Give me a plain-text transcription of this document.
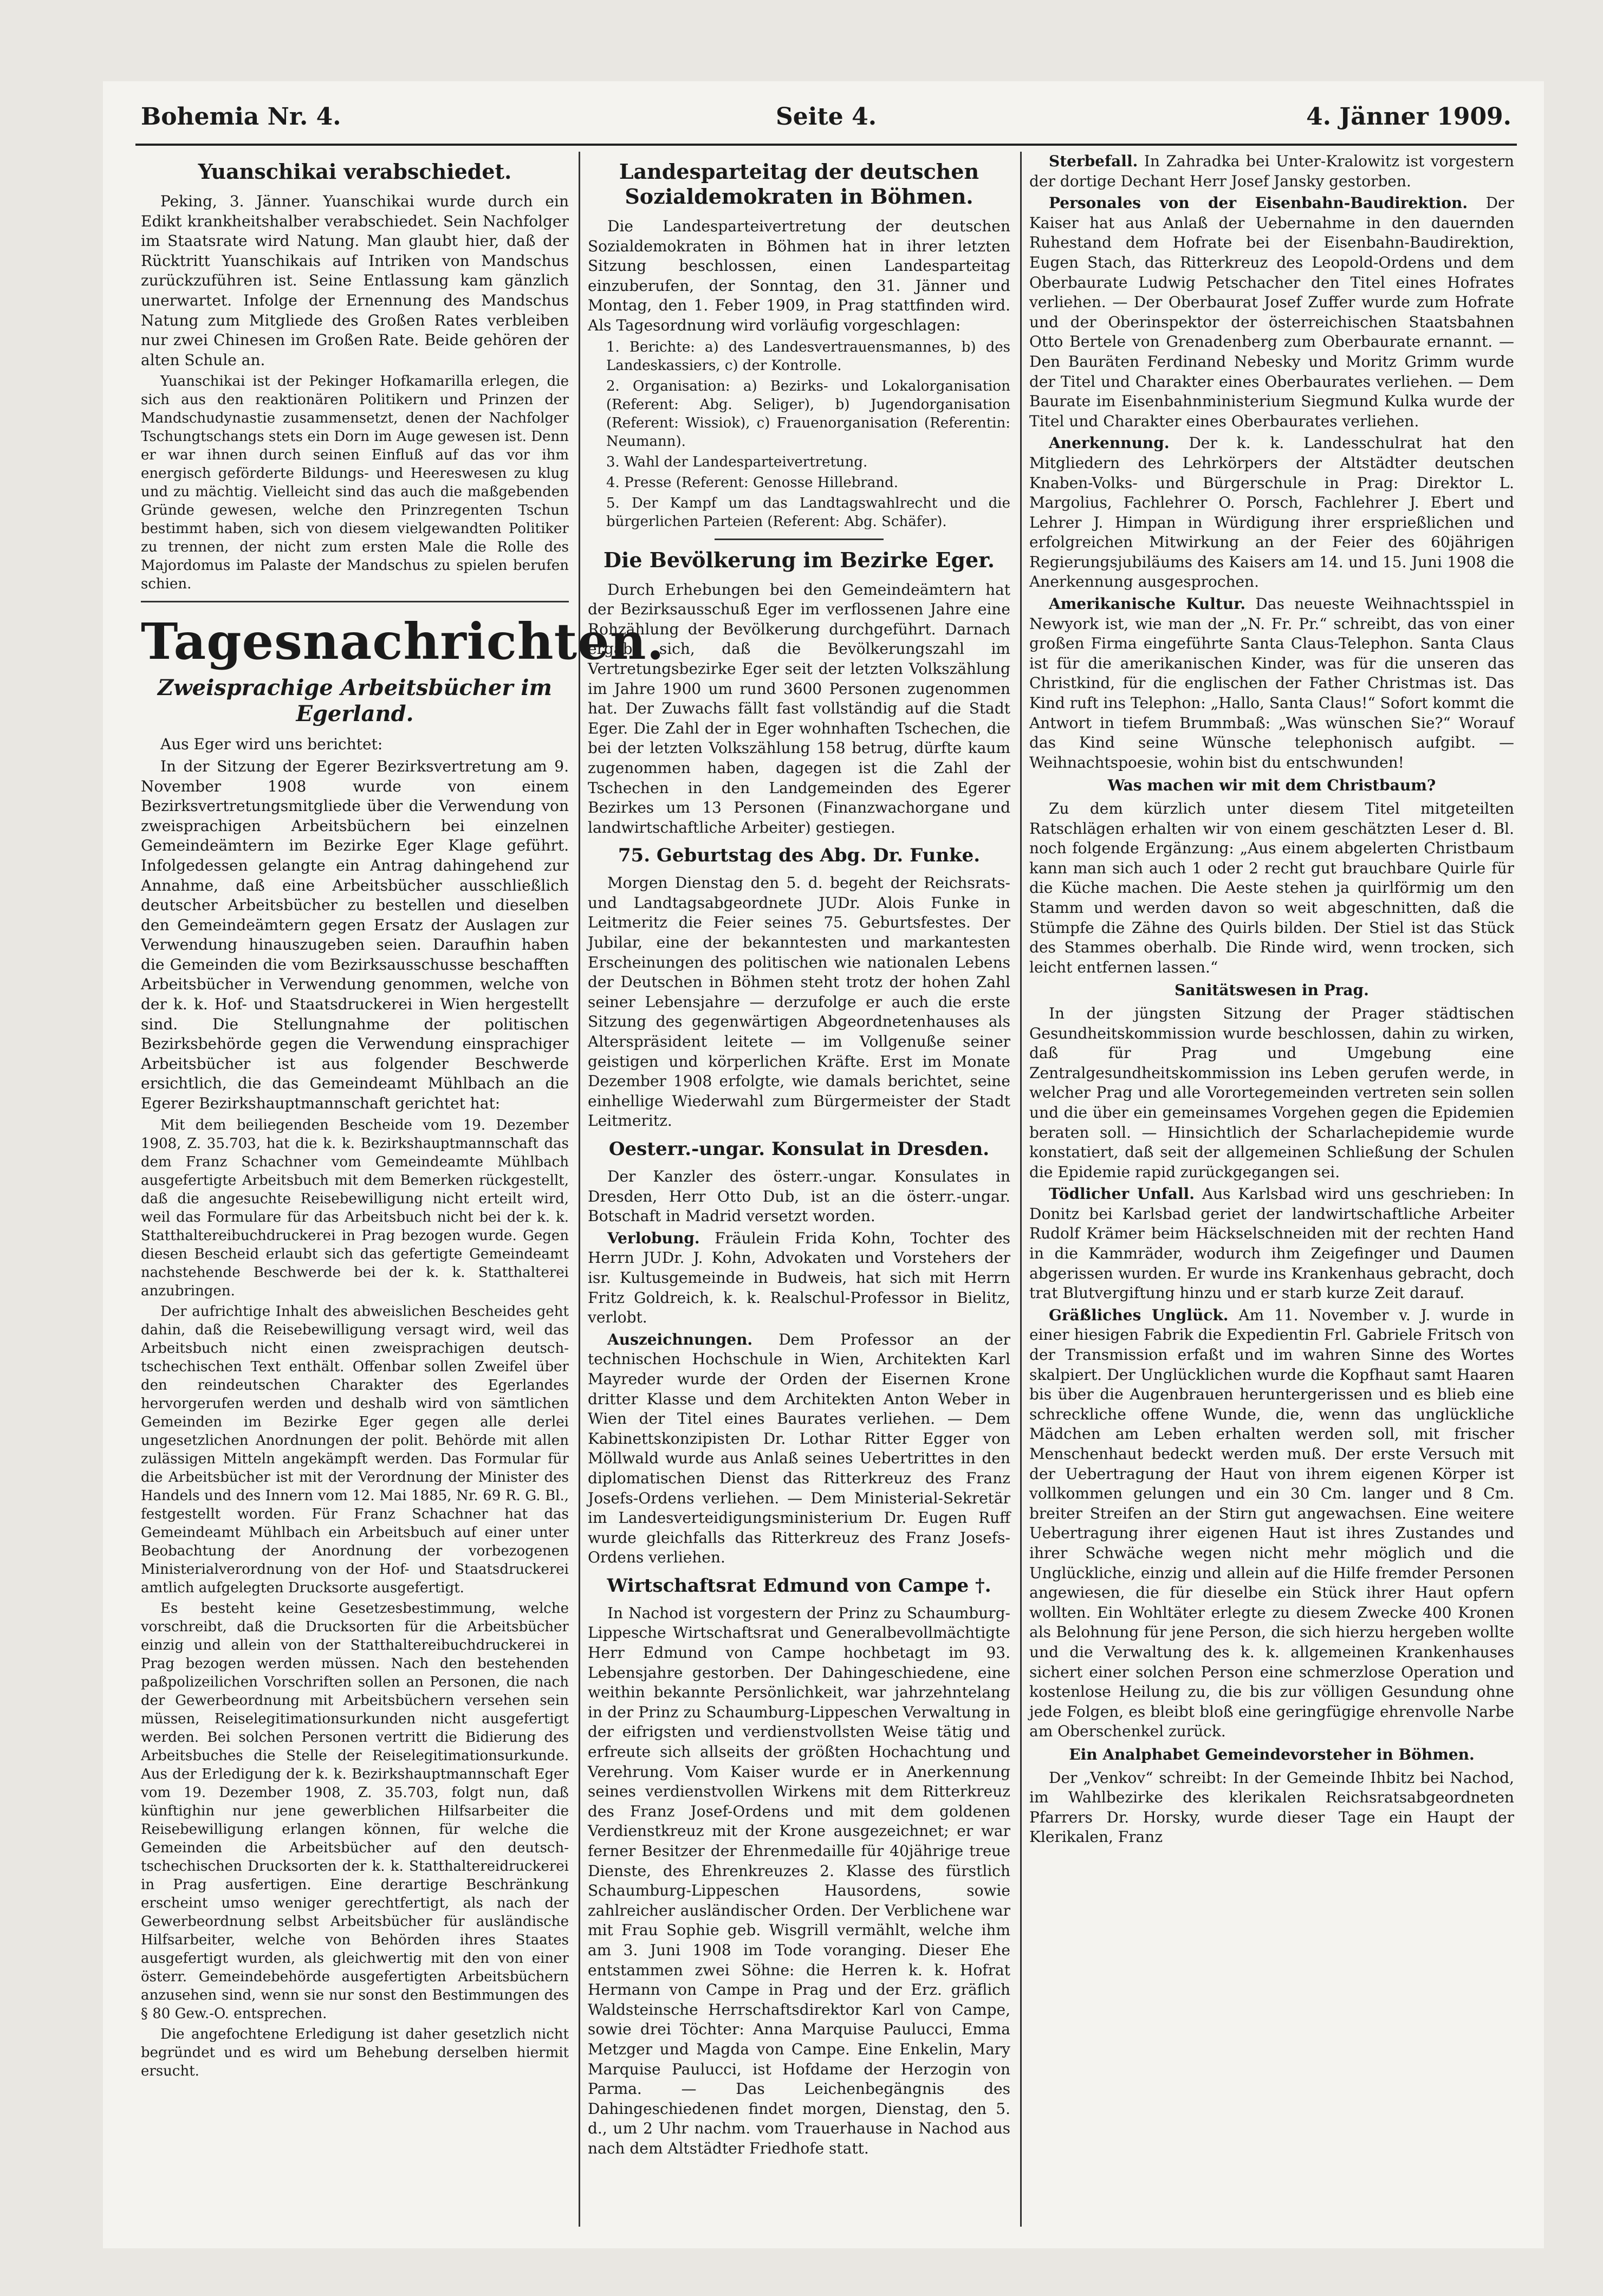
Bohemia Nr. 4.	Seite 4.	4. Jänner 1909.
Yuanschikai verabschiedet.

Peking, 3. Jänner. Yuanschikai wurde durch ein Edikt krankheitshalber verabschiedet. Sein Nachfolger im Staatsrate wird Natung. Man glaubt hier, daß der Rücktritt Yuanschikais auf Intriken von Mandschus zurückzuführen ist. Seine Entlassung kam gänzlich unerwartet. Infolge der Ernennung des Mandschus Natung zum Mitgliede des Großen Rates verbleiben nur zwei Chinesen im Großen Rate. Beide gehören der alten Schule an.

Yuanschikai ist der Pekinger Hofkamarilla erlegen, die sich aus den reaktionären Politikern und Prinzen der Mandschudynastie zusammensetzt, denen der Nachfolger Tschungtschangs stets ein Dorn im Auge gewesen ist. Denn er war ihnen durch seinen Einfluß auf das vor ihm energisch geförderte Bildungs- und Heereswesen zu klug und zu mächtig. Vielleicht sind das auch die maßgebenden Gründe gewesen, welche den Prinzregenten Tschun bestimmt haben, sich von diesem vielgewandten Politiker zu trennen, der nicht zum ersten Male die Rolle des Majordomus im Palaste der Mandschus zu spielen berufen schien.

Tagesnachrichten.
Zweisprachige Arbeitsbücher im Egerland.

Aus Eger wird uns berichtet:

In der Sitzung der Egerer Bezirksvertretung am 9. November 1908 wurde von einem Bezirksvertretungsmitgliede über die Verwendung von zweisprachigen Arbeitsbüchern bei einzelnen Gemeindeämtern im Bezirke Eger Klage geführt. Infolgedessen gelangte ein Antrag dahingehend zur Annahme, daß eine Arbeitsbücher ausschließlich deutscher Arbeitsbücher zu bestellen und dieselben den Gemeindeämtern gegen Ersatz der Auslagen zur Verwendung hinauszugeben seien. Daraufhin haben die Gemeinden die vom Bezirksausschusse beschafften Arbeitsbücher in Verwendung genommen, welche von der k. k. Hof- und Staatsdruckerei in Wien hergestellt sind. Die Stellungnahme der politischen Bezirksbehörde gegen die Verwendung einsprachiger Arbeitsbücher ist aus folgender Beschwerde ersichtlich, die das Gemeindeamt Mühlbach an die Egerer Bezirkshauptmannschaft gerichtet hat:

Mit dem beiliegenden Bescheide vom 19. Dezember 1908, Z. 35.703, hat die k. k. Bezirkshauptmannschaft das dem Franz Schachner vom Gemeindeamte Mühlbach ausgefertigte Arbeitsbuch mit dem Bemerken rückgestellt, daß die angesuchte Reisebewilligung nicht erteilt wird, weil das Formulare für das Arbeitsbuch nicht bei der k. k. Statthaltereibuchdruckerei in Prag bezogen wurde. Gegen diesen Bescheid erlaubt sich das gefertigte Gemeindeamt nachstehende Beschwerde bei der k. k. Statthalterei anzubringen.

Der aufrichtige Inhalt des abweislichen Bescheides geht dahin, daß die Reisebewilligung versagt wird, weil das Arbeitsbuch nicht einen zweisprachigen deutsch-tschechischen Text enthält. Offenbar sollen Zweifel über den reindeutschen Charakter des Egerlandes hervorgerufen werden und deshalb wird von sämtlichen Gemeinden im Bezirke Eger gegen alle derlei ungesetzlichen Anordnungen der polit. Behörde mit allen zulässigen Mitteln angekämpft werden. Das Formular für die Arbeitsbücher ist mit der Verordnung der Minister des Handels und des Innern vom 12. Mai 1885, Nr. 69 R. G. Bl., festgestellt worden. Für Franz Schachner hat das Gemeindeamt Mühlbach ein Arbeitsbuch auf einer unter Beobachtung der Anordnung der vorbezogenen Ministerialverordnung von der Hof- und Staatsdruckerei amtlich aufgelegten Drucksorte ausgefertigt.

Es besteht keine Gesetzesbestimmung, welche vorschreibt, daß die Drucksorten für die Arbeitsbücher einzig und allein von der Statthaltereibuchdruckerei in Prag bezogen werden müssen. Nach den bestehenden paßpolizeilichen Vorschriften sollen an Personen, die nach der Gewerbeordnung mit Arbeitsbüchern versehen sein müssen, Reiselegitimationsurkunden nicht ausgefertigt werden. Bei solchen Personen vertritt die Bidierung des Arbeitsbuches die Stelle der Reiselegitimationsurkunde. Aus der Erledigung der k. k. Bezirkshauptmannschaft Eger vom 19. Dezember 1908, Z. 35.703, folgt nun, daß künftighin nur jene gewerblichen Hilfsarbeiter die Reisebewilligung erlangen können, für welche die Gemeinden die Arbeitsbücher auf den deutsch-tschechischen Drucksorten der k. k. Statthaltereidruckerei in Prag ausfertigen. Eine derartige Beschränkung erscheint umso weniger gerechtfertigt, als nach der Gewerbeordnung selbst Arbeitsbücher für ausländische Hilfsarbeiter, welche von Behörden ihres Staates ausgefertigt wurden, als gleichwertig mit den von einer österr. Gemeindebehörde ausgefertigten Arbeitsbüchern anzusehen sind, wenn sie nur sonst den Bestimmungen des § 80 Gew.-O. entsprechen.

Die angefochtene Erledigung ist daher gesetzlich nicht begründet und es wird um Behebung derselben hiermit ersucht.

Landesparteitag der deutschen Sozialdemokraten in Böhmen.

Die Landesparteivertretung der deutschen Sozialdemokraten in Böhmen hat in ihrer letzten Sitzung beschlossen, einen Landesparteitag einzuberufen, der Sonntag, den 31. Jänner und Montag, den 1. Feber 1909, in Prag stattfinden wird. Als Tagesordnung wird vorläufig vorgeschlagen:

1. Berichte: a) des Landesvertrauensmannes, b) des Landeskassiers, c) der Kontrolle.

2. Organisation: a) Bezirks- und Lokalorganisation (Referent: Abg. Seliger), b) Jugendorganisation (Referent: Wissiok), c) Frauenorganisation (Referentin: Neumann).

3. Wahl der Landesparteivertretung.

4. Presse (Referent: Genosse Hillebrand.

5. Der Kampf um das Landtagswahlrecht und die bürgerlichen Parteien (Referent: Abg. Schäfer).

Die Bevölkerung im Bezirke Eger.

Durch Erhebungen bei den Gemeindeämtern hat der Bezirksausschuß Eger im verflossenen Jahre eine Rohzählung der Bevölkerung durchgeführt. Darnach ergab sich, daß die Bevölkerungszahl im Vertretungsbezirke Eger seit der letzten Volkszählung im Jahre 1900 um rund 3600 Personen zugenommen hat. Der Zuwachs fällt fast vollständig auf die Stadt Eger. Die Zahl der in Eger wohnhaften Tschechen, die bei der letzten Volkszählung 158 betrug, dürfte kaum zugenommen haben, dagegen ist die Zahl der Tschechen in den Landgemeinden des Egerer Bezirkes um 13 Personen (Finanzwachorgane und landwirtschaftliche Arbeiter) gestiegen.

75. Geburtstag des Abg. Dr. Funke.

Morgen Dienstag den 5. d. begeht der Reichsrats- und Landtagsabgeordnete JUDr. Alois Funke in Leitmeritz die Feier seines 75. Geburtsfestes. Der Jubilar, eine der bekanntesten und markantesten Erscheinungen des politischen wie nationalen Lebens der Deutschen in Böhmen steht trotz der hohen Zahl seiner Lebensjahre — derzufolge er auch die erste Sitzung des gegenwärtigen Abgeordnetenhauses als Alterspräsident leitete — im Vollgenuße seiner geistigen und körperlichen Kräfte. Erst im Monate Dezember 1908 erfolgte, wie damals berichtet, seine einhellige Wiederwahl zum Bürgermeister der Stadt Leitmeritz.

Oesterr.-ungar. Konsulat in Dresden.

Der Kanzler des österr.-ungar. Konsulates in Dresden, Herr Otto Dub, ist an die österr.-ungar. Botschaft in Madrid versetzt worden.

Verlobung. Fräulein Frida Kohn, Tochter des Herrn JUDr. J. Kohn, Advokaten und Vorstehers der isr. Kultusgemeinde in Budweis, hat sich mit Herrn Fritz Goldreich, k. k. Realschul-Professor in Bielitz, verlobt.

Auszeichnungen. Dem Professor an der technischen Hochschule in Wien, Architekten Karl Mayreder wurde der Orden der Eisernen Krone dritter Klasse und dem Architekten Anton Weber in Wien der Titel eines Baurates verliehen. — Dem Kabinettskonzipisten Dr. Lothar Ritter Egger von Möllwald wurde aus Anlaß seines Uebertrittes in den diplomatischen Dienst das Ritterkreuz des Franz Josefs-Ordens verliehen. — Dem Ministerial-Sekretär im Landesverteidigungsministerium Dr. Eugen Ruff wurde gleichfalls das Ritterkreuz des Franz Josefs-Ordens verliehen.

Wirtschaftsrat Edmund von Campe †.

In Nachod ist vorgestern der Prinz zu Schaumburg-Lippesche Wirtschaftsrat und Generalbevollmächtigte Herr Edmund von Campe hochbetagt im 93. Lebensjahre gestorben. Der Dahingeschiedene, eine weithin bekannte Persönlichkeit, war jahrzehntelang in der Prinz zu Schaumburg-Lippeschen Verwaltung in der eifrigsten und verdienstvollsten Weise tätig und erfreute sich allseits der größten Hochachtung und Verehrung. Vom Kaiser wurde er in Anerkennung seines verdienstvollen Wirkens mit dem Ritterkreuz des Franz Josef-Ordens und mit dem goldenen Verdienstkreuz mit der Krone ausgezeichnet; er war ferner Besitzer der Ehrenmedaille für 40jährige treue Dienste, des Ehrenkreuzes 2. Klasse des fürstlich Schaumburg-Lippeschen Hausordens, sowie zahlreicher ausländischer Orden. Der Verblichene war mit Frau Sophie geb. Wisgrill vermählt, welche ihm am 3. Juni 1908 im Tode voranging. Dieser Ehe entstammen zwei Söhne: die Herren k. k. Hofrat Hermann von Campe in Prag und der Erz. gräflich Waldsteinsche Herrschaftsdirektor Karl von Campe, sowie drei Töchter: Anna Marquise Paulucci, Emma Metzger und Magda von Campe. Eine Enkelin, Mary Marquise Paulucci, ist Hofdame der Herzogin von Parma. — Das Leichenbegängnis des Dahingeschiedenen findet morgen, Dienstag, den 5. d., um 2 Uhr nachm. vom Trauerhause in Nachod aus nach dem Altstädter Friedhofe statt.

Sterbefall. In Zahradka bei Unter-Kralowitz ist vorgestern der dortige Dechant Herr Josef Jansky gestorben.

Personales von der Eisenbahn-Baudirektion. Der Kaiser hat aus Anlaß der Uebernahme in den dauernden Ruhestand dem Hofrate bei der Eisenbahn-Baudirektion, Eugen Stach, das Ritterkreuz des Leopold-Ordens und dem Oberbaurate Ludwig Petschacher den Titel eines Hofrates verliehen. — Der Oberbaurat Josef Zuffer wurde zum Hofrate und der Oberinspektor der österreichischen Staatsbahnen Otto Bertele von Grenadenberg zum Oberbaurate ernannt. — Den Bauräten Ferdinand Nebesky und Moritz Grimm wurde der Titel und Charakter eines Oberbaurates verliehen. — Dem Baurate im Eisenbahnministerium Siegmund Kulka wurde der Titel und Charakter eines Oberbaurates verliehen.

Anerkennung. Der k. k. Landesschulrat hat den Mitgliedern des Lehrkörpers der Altstädter deutschen Knaben-Volks- und Bürgerschule in Prag: Direktor L. Margolius, Fachlehrer O. Porsch, Fachlehrer J. Ebert und Lehrer J. Himpan in Würdigung ihrer ersprießlichen und erfolgreichen Mitwirkung an der Feier des 60jährigen Regierungsjubiläums des Kaisers am 14. und 15. Juni 1908 die Anerkennung ausgesprochen.

Amerikanische Kultur. Das neueste Weihnachtsspiel in Newyork ist, wie man der „N. Fr. Pr.“ schreibt, das von einer großen Firma eingeführte Santa Claus-Telephon. Santa Claus ist für die amerikanischen Kinder, was für die unseren das Christkind, für die englischen der Father Christmas ist. Das Kind ruft ins Telephon: „Hallo, Santa Claus!“ Sofort kommt die Antwort in tiefem Brummbaß: „Was wünschen Sie?“ Worauf das Kind seine Wünsche telephonisch aufgibt. — Weihnachtspoesie, wohin bist du entschwunden!

Was machen wir mit dem Christbaum?

Zu dem kürzlich unter diesem Titel mitgeteilten Ratschlägen erhalten wir von einem geschätzten Leser d. Bl. noch folgende Ergänzung: „Aus einem abgelerten Christbaum kann man sich auch 1 oder 2 recht gut brauchbare Quirle für die Küche machen. Die Aeste stehen ja quirlförmig um den Stamm und werden davon so weit abgeschnitten, daß die Stümpfe die Zähne des Quirls bilden. Der Stiel ist das Stück des Stammes oberhalb. Die Rinde wird, wenn trocken, sich leicht entfernen lassen.“

Sanitätswesen in Prag.

In der jüngsten Sitzung der Prager städtischen Gesundheitskommission wurde beschlossen, dahin zu wirken, daß für Prag und Umgebung eine Zentralgesundheitskommission ins Leben gerufen werde, in welcher Prag und alle Vorortegemeinden vertreten sein sollen und die über ein gemeinsames Vorgehen gegen die Epidemien beraten soll. — Hinsichtlich der Scharlachepidemie wurde konstatiert, daß seit der allgemeinen Schließung der Schulen die Epidemie rapid zurückgegangen sei.

Tödlicher Unfall. Aus Karlsbad wird uns geschrieben: In Donitz bei Karlsbad geriet der landwirtschaftliche Arbeiter Rudolf Krämer beim Häckselschneiden mit der rechten Hand in die Kammräder, wodurch ihm Zeigefinger und Daumen abgerissen wurden. Er wurde ins Krankenhaus gebracht, doch trat Blutvergiftung hinzu und er starb kurze Zeit darauf.

Gräßliches Unglück. Am 11. November v. J. wurde in einer hiesigen Fabrik die Expedientin Frl. Gabriele Fritsch von der Transmission erfaßt und im wahren Sinne des Wortes skalpiert. Der Unglücklichen wurde die Kopfhaut samt Haaren bis über die Augenbrauen heruntergerissen und es blieb eine schreckliche offene Wunde, die, wenn das unglückliche Mädchen am Leben erhalten werden soll, mit frischer Menschenhaut bedeckt werden muß. Der erste Versuch mit der Uebertragung der Haut von ihrem eigenen Körper ist vollkommen gelungen und ein 30 Cm. langer und 8 Cm. breiter Streifen an der Stirn gut angewachsen. Eine weitere Uebertragung ihrer eigenen Haut ist ihres Zustandes und ihrer Schwäche wegen nicht mehr möglich und die Unglückliche, einzig und allein auf die Hilfe fremder Personen angewiesen, die für dieselbe ein Stück ihrer Haut opfern wollten. Ein Wohltäter erlegte zu diesem Zwecke 400 Kronen als Belohnung für jene Person, die sich hierzu hergeben wollte und die Verwaltung des k. k. allgemeinen Krankenhauses sichert einer solchen Person eine schmerzlose Operation und kostenlose Heilung zu, die bis zur völligen Gesundung ohne jede Folgen, es bleibt bloß eine geringfügige ehrenvolle Narbe am Oberschenkel zurück.

Ein Analphabet Gemeindevorsteher in Böhmen.

Der „Venkov“ schreibt: In der Gemeinde Ihbitz bei Nachod, im Wahlbezirke des klerikalen Reichsratsabgeordneten Pfarrers Dr. Horsky, wurde dieser Tage ein Haupt der Klerikalen, Franz
